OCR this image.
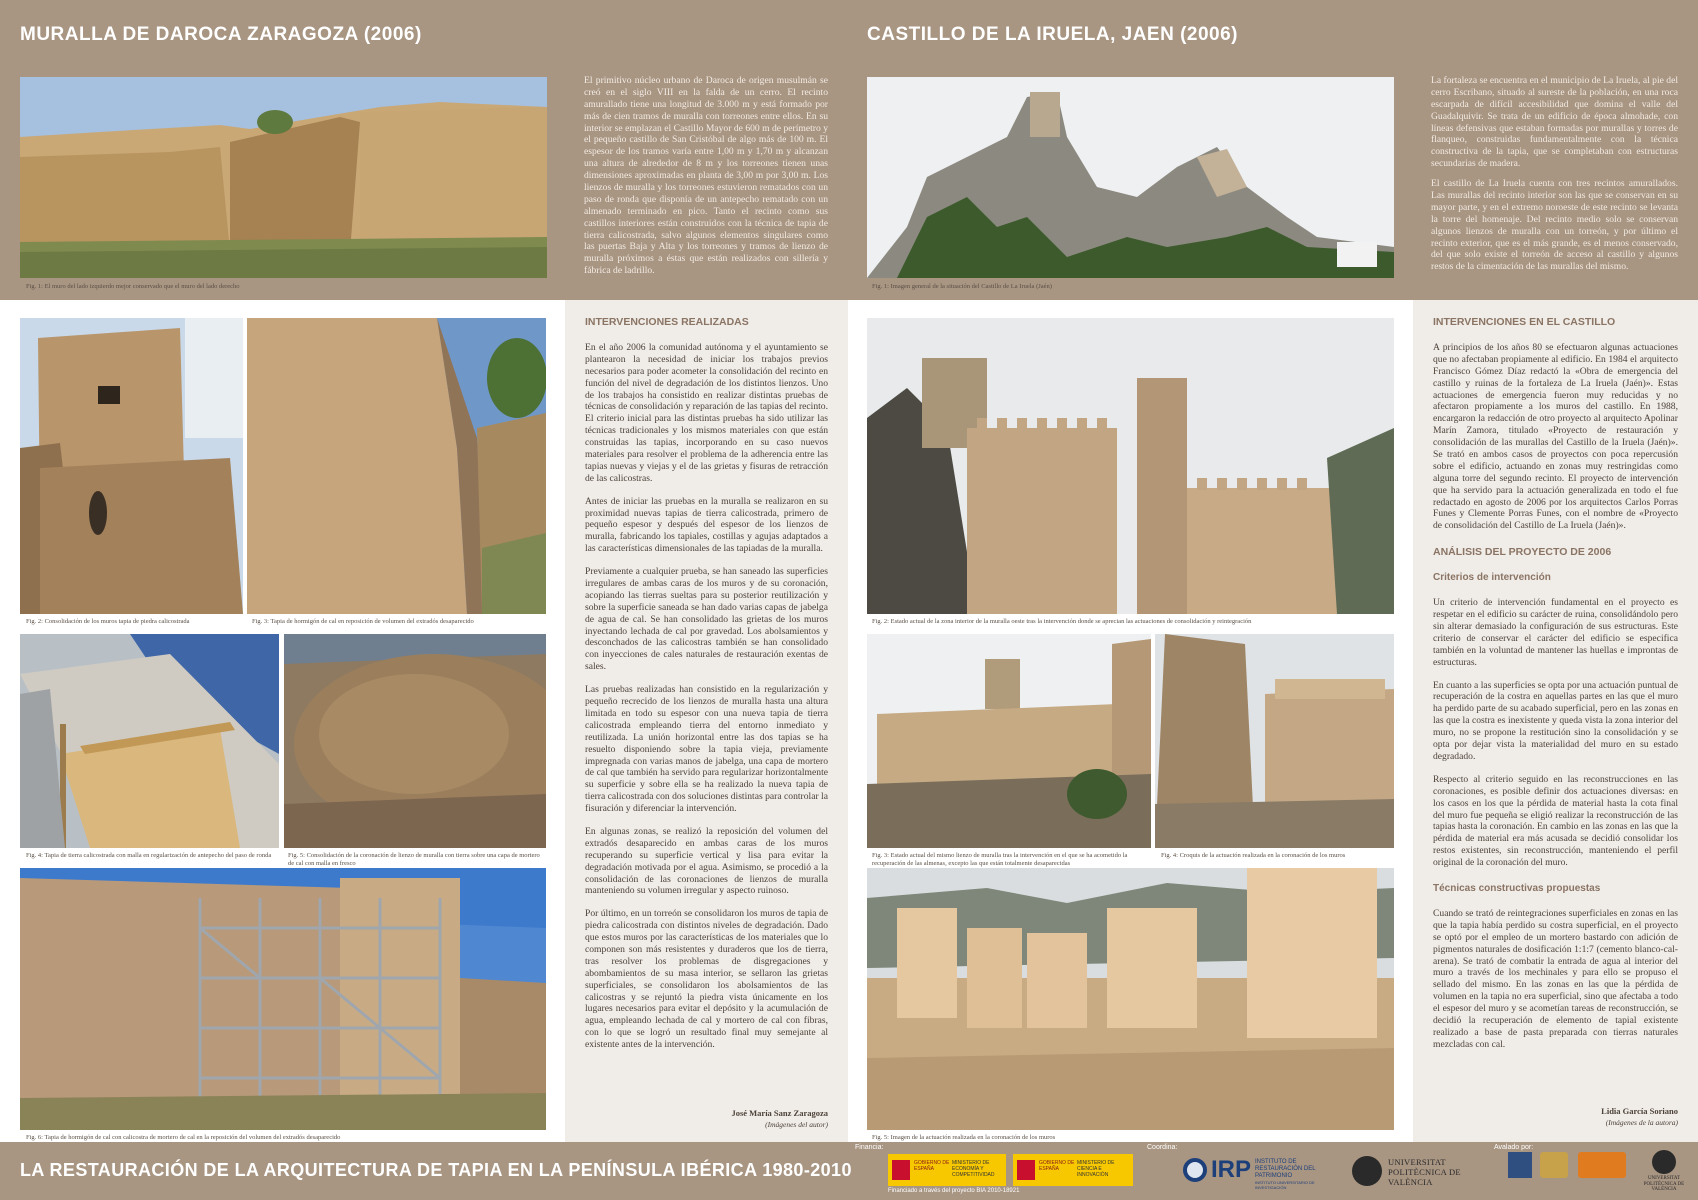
MURALLA DE DAROCA ZARAGOZA (2006)
Fig. 1: El muro del lado izquierdo mejor conservado que el muro del lado derecho
El primitivo núcleo urbano de Daroca de origen musulmán se creó en el siglo VIII en la falda de un cerro. El recinto amurallado tiene una longitud de 3.000 m y está formado por más de cien tramos de muralla con torreones entre ellos. En su interior se emplazan el Castillo Mayor de 600 m de perímetro y el pequeño castillo de San Cristóbal de algo más de 100 m. El espesor de los tramos varía entre 1,00 m y 1,70 m y alcanzan una altura de alrededor de 8 m y los torreones tienen unas dimensiones aproximadas en planta de 3,00 m por 3,00 m. Los lienzos de muralla y los torreones estuvieron rematados con un paso de ronda que disponía de un antepecho rematado con un almenado terminado en pico. Tanto el recinto como sus castillos interiores están construidos con la técnica de tapia de tierra calicostrada, salvo algunos elementos singulares como las puertas Baja y Alta y los torreones y tramos de lienzo de muralla próximos a éstas que están realizados con sillería y fábrica de ladrillo.
Fig. 2: Consolidación de los muros tapia de piedra calicostrada	Fig. 3: Tapia de hormigón de cal en reposición de volumen del extradós desaparecido
Fig. 4: Tapia de tierra calicostrada con malla en regularización de antepecho del paso de ronda	Fig. 5: Consolidación de la coronación de lienzo de muralla con tierra sobre una capa de mortero de cal con malla en fresco
Fig. 6: Tapia de hormigón de cal con calicostra de mortero de cal en la reposición del volumen del extradós desaparecido
INTERVENCIONES REALIZADAS

En el año 2006 la comunidad autónoma y el ayuntamiento se plantearon la necesidad de iniciar los trabajos previos necesarios para poder acometer la consolidación del recinto en función del nivel de degradación de los distintos lienzos. Uno de los trabajos ha consistido en realizar distintas pruebas de técnicas de consolidación y reparación de las tapias del recinto. El criterio inicial para las distintas pruebas ha sido utilizar las técnicas tradicionales y los mismos materiales con que están construidas las tapias, incorporando en su caso nuevos materiales para resolver el problema de la adherencia entre las tapias nuevas y viejas y el de las grietas y fisuras de retracción de las calicostras.

Antes de iniciar las pruebas en la muralla se realizaron en su proximidad nuevas tapias de tierra calicostrada, primero de pequeño espesor y después del espesor de los lienzos de muralla, fabricando los tapiales, costillas y agujas adaptados a las características dimensionales de las tapiadas de la muralla.

Previamente a cualquier prueba, se han saneado las superficies irregulares de ambas caras de los muros y de su coronación, acopiando las tierras sueltas para su posterior reutilización y sobre la superficie saneada se han dado varias capas de jabelga de agua de cal. Se han consolidado las grietas de los muros inyectando lechada de cal por gravedad. Los abolsamientos y desconchados de las calicostras también se han consolidado con inyecciones de cales naturales de restauración exentas de sales.

Las pruebas realizadas han consistido en la regularización y pequeño recrecido de los lienzos de muralla hasta una altura limitada en todo su espesor con una nueva tapia de tierra calicostrada empleando tierra del entorno inmediato y reutilizada. La unión horizontal entre las dos tapias se ha resuelto disponiendo sobre la tapia vieja, previamente impregnada con varias manos de jabelga, una capa de mortero de cal que también ha servido para regularizar horizontalmente su superficie y sobre ella se ha realizado la nueva tapia de tierra calicostrada con dos soluciones distintas para controlar la fisuración y diferenciar la intervención.

En algunas zonas, se realizó la reposición del volumen del extradós desaparecido en ambas caras de los muros recuperando su superficie vertical y lisa para evitar la degradación motivada por el agua. Asimismo, se procedió a la consolidación de las coronaciones de lienzos de muralla manteniendo su volumen irregular y aspecto ruinoso.

Por último, en un torreón se consolidaron los muros de tapia de piedra calicostrada con distintos niveles de degradación. Dado que estos muros por las características de los materiales que lo componen son más resistentes y duraderos que los de tierra, tras resolver los problemas de disgregaciones y abombamientos de su masa interior, se sellaron las grietas superficiales, se consolidaron los abolsamientos de las calicostras y se rejuntó la piedra vista únicamente en los lugares necesarios para evitar el depósito y la acumulación de agua, empleando lechada de cal y mortero de cal con fibras, con lo que se logró un resultado final muy semejante al existente antes de la intervención.

José María Sanz Zaragoza
(Imágenes del autor)
CASTILLO DE LA IRUELA, JAEN (2006)
Fig. 1: Imagen general de la situación del Castillo de La Iruela (Jaén)

La fortaleza se encuentra en el municipio de La Iruela, al pie del cerro Escribano, situado al sureste de la población, en una roca escarpada de difícil accesibilidad que domina el valle del Guadalquivir. Se trata de un edificio de época almohade, con líneas defensivas que estaban formadas por murallas y torres de flanqueo, construidas fundamentalmente con la técnica constructiva de la tapia, que se completaban con estructuras secundarias de madera.

El castillo de La Iruela cuenta con tres recintos amurallados. Las murallas del recinto interior son las que se conservan en su mayor parte, y en el extremo noroeste de este recinto se levanta la torre del homenaje. Del recinto medio solo se conservan algunos lienzos de muralla con un torreón, y por último el recinto exterior, que es el más grande, es el menos conservado, del que solo existe el torreón de acceso al castillo y algunos restos de la cimentación de las murallas del mismo.

Fig. 2: Estado actual de la zona interior de la muralla oeste tras la intervención donde se aprecian las actuaciones de consolidación y reintegración
Fig. 3: Estado actual del mismo lienzo de muralla tras la intervención en el que se ha acometido la recuperación de las almenas, excepto las que están totalmente desaparecidas
Fig. 4: Croquis de la actuación realizada en la coronación de los muros
Fig. 5: Imagen de la actuación realizada en la coronación de los muros
INTERVENCIONES EN EL CASTILLO

A principios de los años 80 se efectuaron algunas actuaciones que no afectaban propiamente al edificio. En 1984 el arquitecto Francisco Gómez Díaz redactó la «Obra de emergencia del castillo y ruinas de la fortaleza de La Iruela (Jaén)». Estas actuaciones de emergencia fueron muy reducidas y no afectaron propiamente a los muros del castillo. En 1988, encargaron la redacción de otro proyecto al arquitecto Apolinar Marín Zamora, titulado «Proyecto de restauración y consolidación de las murallas del Castillo de la Iruela (Jaén)». Se trató en ambos casos de proyectos con poca repercusión sobre el edificio, actuando en zonas muy restringidas como alguna torre del segundo recinto. El proyecto de intervención que ha servido para la actuación generalizada en todo el fue redactado en agosto de 2006 por los arquitectos Carlos Porras Funes y Clemente Porras Funes, con el nombre de «Proyecto de consolidación del Castillo de La Iruela (Jaén)».

ANÁLISIS DEL PROYECTO DE 2006
Criterios de intervención

Un criterio de intervención fundamental en el proyecto es respetar en el edificio su carácter de ruina, consolidándolo pero sin alterar demasiado la configuración de sus estructuras. Este criterio de conservar el carácter del edificio se especifica también en la voluntad de mantener las huellas e improntas de estructuras.

En cuanto a las superficies se opta por una actuación puntual de recuperación de la costra en aquellas partes en las que el muro ha perdido parte de su acabado superficial, pero en las zonas en las que la costra es inexistente y queda vista la zona interior del muro, no se propone la restitución sino la consolidación y se opta por dejar vista la materialidad del muro en su estado degradado.

Respecto al criterio seguido en las reconstrucciones en las coronaciones, es posible definir dos actuaciones diversas: en los casos en los que la pérdida de material hasta la cota final del muro fue pequeña se eligió realizar la reconstrucción de las tapias hasta la coronación. En cambio en las zonas en las que la pérdida de material era más acusada se decidió consolidar los restos existentes, sin reconstrucción, manteniendo el perfil original de la coronación del muro.

Técnicas constructivas propuestas

Cuando se trató de reintegraciones superficiales en zonas en las que la tapia había perdido su costra superficial, en el proyecto se optó por el empleo de un mortero bastardo con adición de pigmentos naturales de dosificación 1:1:7 (cemento blanco-cal-arena). Se trató de combatir la entrada de agua al interior del muro a través de los mechinales y para ello se propuso el sellado del mismo. En las zonas en las que la pérdida de volumen en la tapia no era superficial, sino que afectaba a todo el espesor del muro y se acometían tareas de reconstrucción, se decidió la recuperación de elemento de tapial existente realizado a base de pasta preparada con tierras naturales mezcladas con cal.

Lidia García Soriano
(Imágenes de la autora)
LA RESTAURACIÓN DE LA ARQUITECTURA DE TAPIA EN LA PENÍNSULA IBÉRICA 1980-2010
Financia:
GOBIERNO DE ESPAÑA
MINISTERIO DE ECONOMÍA Y COMPETITIVIDAD
GOBIERNO DE ESPAÑA
MINISTERIO DE CIENCIA E INNOVACIÓN
Financiado a través del proyecto BIA 2010-18921
Coordina:
IRP INSTITUTO DE RESTAURACIÓN DEL PATRIMONIO
INSTITUTO UNIVERSITARIO DE INVESTIGACIÓN
UNIVERSITAT POLITÈCNICA DE VALÈNCIA
Avalado por:
UNIVERSITAT POLITÈCNICA DE VALÈNCIA
